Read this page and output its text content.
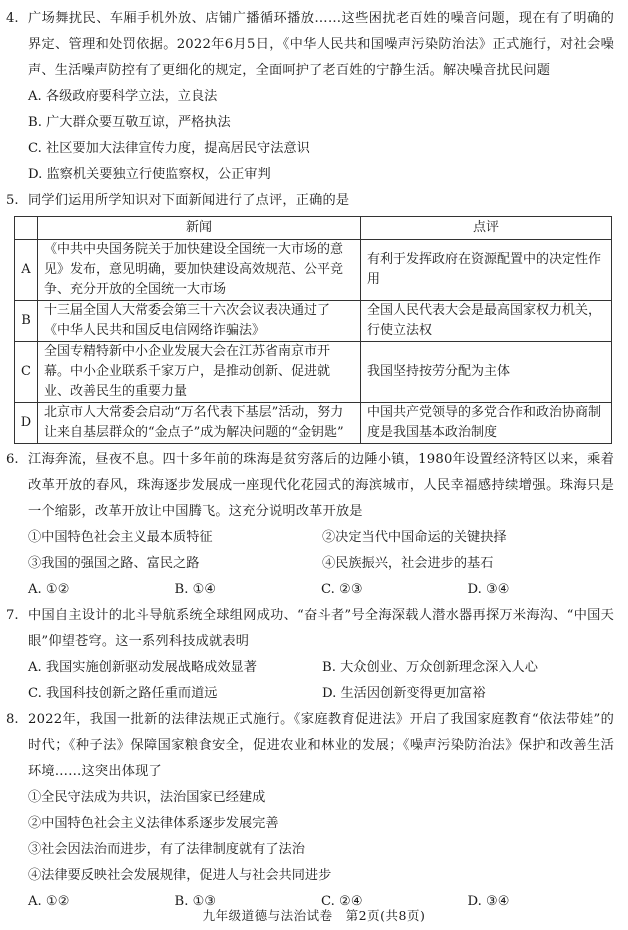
4. 广场舞扰民、车厢手机外放、店铺广播循环播放……这些困扰老百姓的噪音问题，现在有了明确的界定、管理和处罚依据。2022年6月5日，《中华人民共和国噪声污染防治法》正式施行，对社会噪声、生活噪声防控有了更细化的规定，全面呵护了老百姓的宁静生活。解决噪音扰民问题
A. 各级政府要科学立法，立良法
B. 广大群众要互敬互谅，严格执法
C. 社区要加大法律宣传力度，提高居民守法意识
D. 监察机关要独立行使监察权，公正审判
5. 同学们运用所学知识对下面新闻进行了点评，正确的是
	新闻	点评
A	《中共中央国务院关于加快建设全国统一大市场的意见》发布，意见明确，要加快建设高效规范、公平竞争、充分开放的全国统一大市场	有利于发挥政府在资源配置中的决定性作用
B	十三届全国人大常委会第三十六次会议表决通过了《中华人民共和国反电信网络诈骗法》	全国人民代表大会是最高国家权力机关，行使立法权
C	全国专精特新中小企业发展大会在江苏省南京市开幕。中小企业联系千家万户，是推动创新、促进就业、改善民生的重要力量	我国坚持按劳分配为主体
D	北京市人大常委会启动“万名代表下基层”活动，努力让来自基层群众的“金点子”成为解决问题的“金钥匙”	中国共产党领导的多党合作和政治协商制度是我国基本政治制度
6. 江海奔流，昼夜不息。四十多年前的珠海是贫穷落后的边陲小镇，1980年设置经济特区以来，乘着改革开放的春风，珠海逐步发展成一座现代化花园式的海滨城市，人民幸福感持续增强。珠海只是一个缩影，改革开放让中国腾飞。这充分说明改革开放是
①中国特色社会主义最本质特征	②决定当代中国命运的关键抉择
③我国的强国之路、富民之路	④民族振兴，社会进步的基石
A. ①②	B. ①④	C. ②③	D. ③④
7. 中国自主设计的北斗导航系统全球组网成功、“奋斗者”号全海深载人潜水器再探万米海沟、“中国天眼”仰望苍穹。这一系列科技成就表明
A. 我国实施创新驱动发展战略成效显著	B. 大众创业、万众创新理念深入人心
C. 我国科技创新之路任重而道远	D. 生活因创新变得更加富裕
8. 2022年，我国一批新的法律法规正式施行。《家庭教育促进法》开启了我国家庭教育“依法带娃”的时代；《种子法》保障国家粮食安全，促进农业和林业的发展；《噪声污染防治法》保护和改善生活环境……这突出体现了
①全民守法成为共识，法治国家已经建成
②中国特色社会主义法律体系逐步发展完善
③社会因法治而进步，有了法律制度就有了法治
④法律要反映社会发展规律，促进人与社会共同进步
A. ①②	B. ①③	C. ②④	D. ③④
九年级道德与法治试卷　第2页(共8页)
